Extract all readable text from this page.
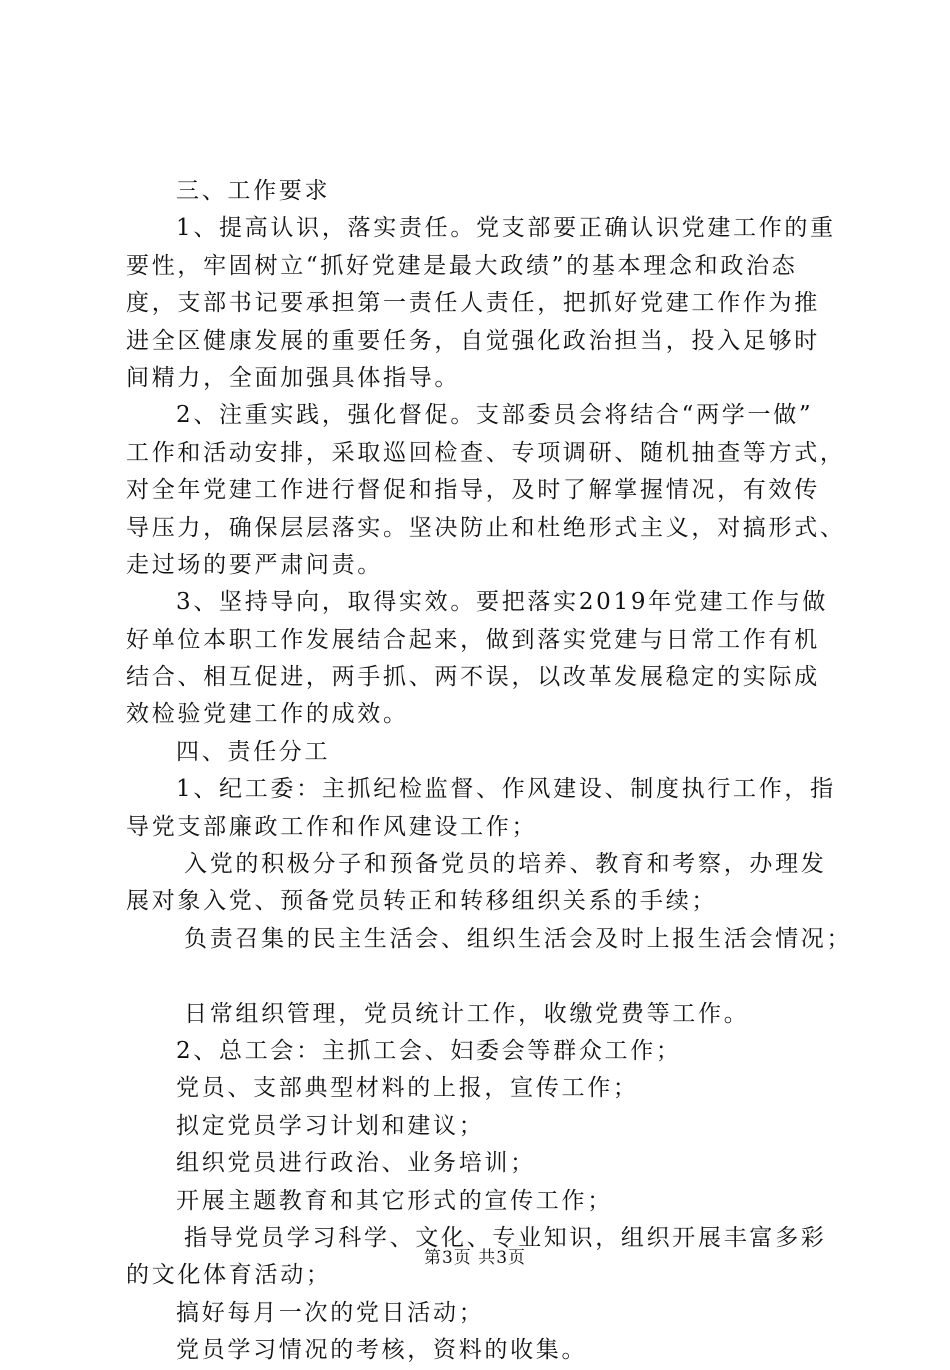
三、工作要求
1、提高认识，落实责任。党支部要正确认识党建工作的重
要性，牢固树立“抓好党建是最大政绩”的基本理念和政治态
度，支部书记要承担第一责任人责任，把抓好党建工作作为推
进全区健康发展的重要任务，自觉强化政治担当，投入足够时
间精力，全面加强具体指导。
2、注重实践，强化督促。支部委员会将结合“两学一做”
工作和活动安排，采取巡回检查、专项调研、随机抽查等方式，
对全年党建工作进行督促和指导，及时了解掌握情况，有效传
导压力，确保层层落实。坚决防止和杜绝形式主义，对搞形式、
走过场的要严肃问责。
3、坚持导向，取得实效。要把落实2019年党建工作与做
好单位本职工作发展结合起来，做到落实党建与日常工作有机
结合、相互促进，两手抓、两不误，以改革发展稳定的实际成
效检验党建工作的成效。
四、责任分工
1、纪工委：主抓纪检监督、作风建设、制度执行工作，指
导党支部廉政工作和作风建设工作；
入党的积极分子和预备党员的培养、教育和考察，办理发
展对象入党、预备党员转正和转移组织关系的手续；
负责召集的民主生活会、组织生活会及时上报生活会情况；
日常组织管理，党员统计工作，收缴党费等工作。
2、总工会：主抓工会、妇委会等群众工作；
党员、支部典型材料的上报，宣传工作；
拟定党员学习计划和建议；
组织党员进行政治、业务培训；
开展主题教育和其它形式的宣传工作；
指导党员学习科学、文化、专业知识，组织开展丰富多彩
的文化体育活动；
搞好每月一次的党日活动；
党员学习情况的考核，资料的收集。
第3页 共3页
